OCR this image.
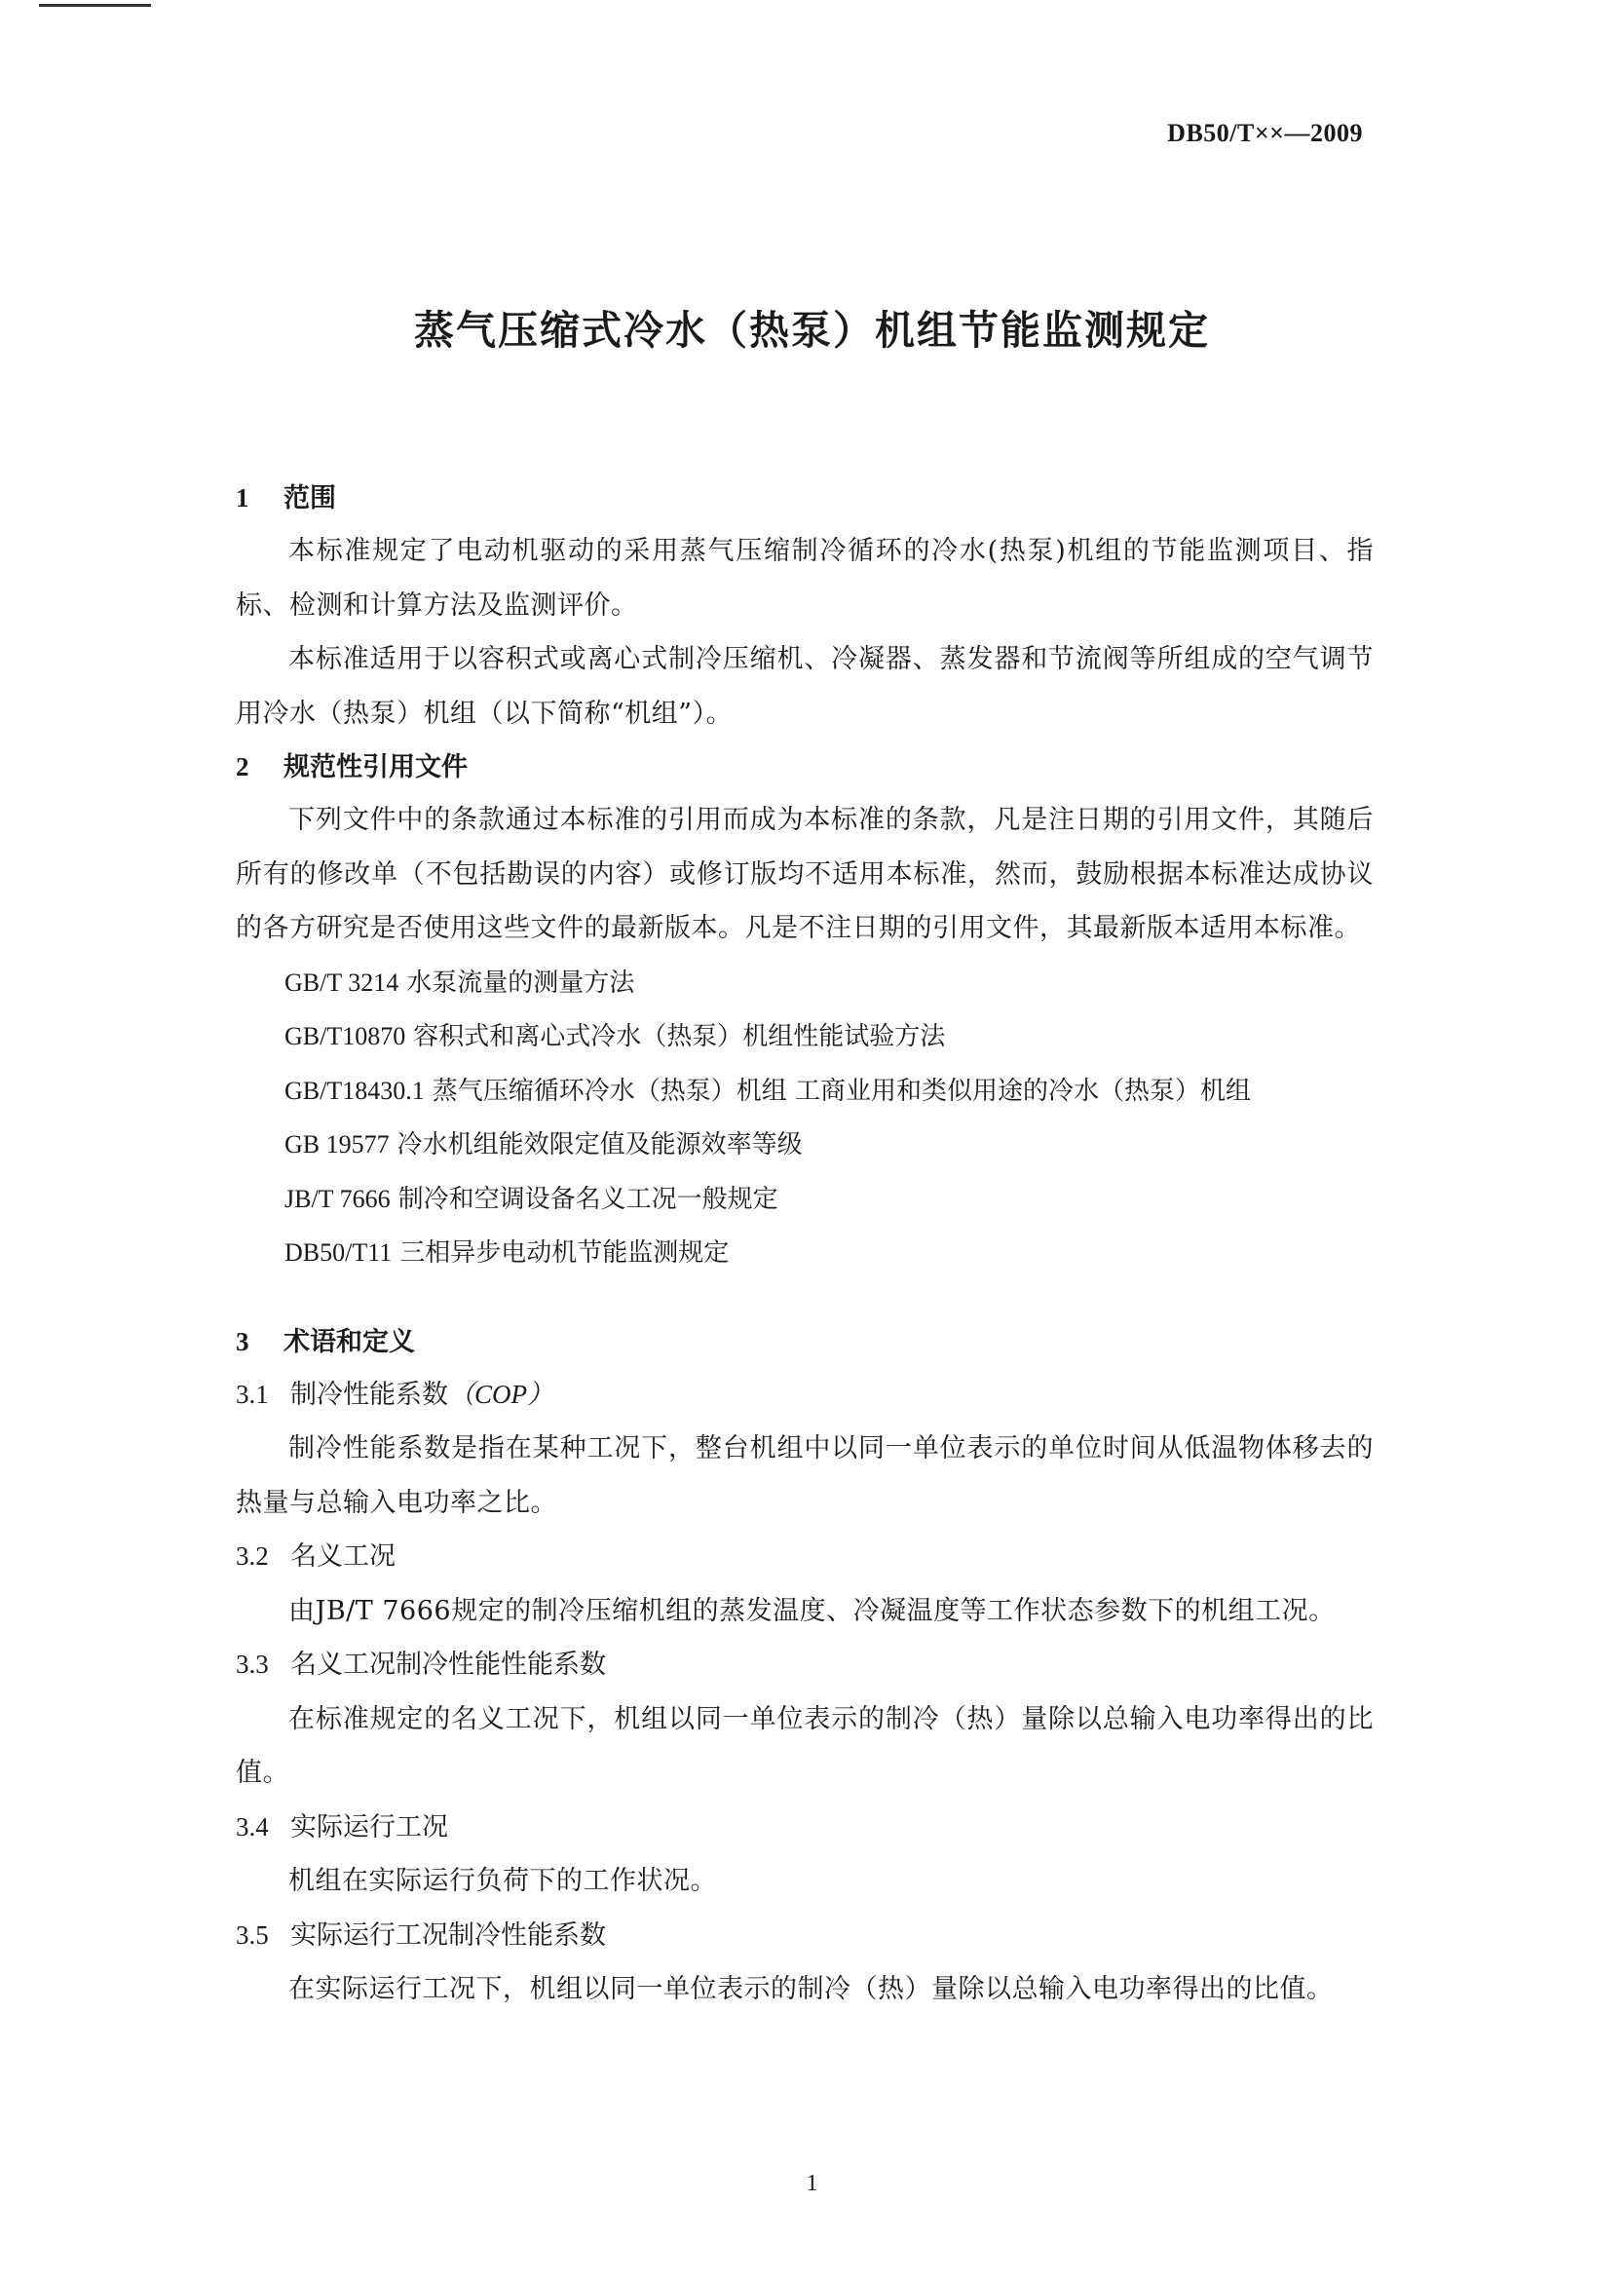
DB50/T××—2009
蒸气压缩式冷水（热泵）机组节能监测规定
1 范围

本标准规定了电动机驱动的采用蒸气压缩制冷循环的冷水(热泵)机组的节能监测项目、指标、检测和计算方法及监测评价。

本标准适用于以容积式或离心式制冷压缩机、冷凝器、蒸发器和节流阀等所组成的空气调节用冷水（热泵）机组（以下简称“机组”）。

2 规范性引用文件

下列文件中的条款通过本标准的引用而成为本标准的条款，凡是注日期的引用文件，其随后所有的修改单（不包括勘误的内容）或修订版均不适用本标准，然而，鼓励根据本标准达成协议的各方研究是否使用这些文件的最新版本。凡是不注日期的引用文件，其最新版本适用本标准。

GB/T 3214 水泵流量的测量方法
GB/T10870 容积式和离心式冷水（热泵）机组性能试验方法
GB/T18430.1 蒸气压缩循环冷水（热泵）机组 工商业用和类似用途的冷水（热泵）机组
GB 19577 冷水机组能效限定值及能源效率等级
JB/T 7666 制冷和空调设备名义工况一般规定
DB50/T11 三相异步电动机节能监测规定
3 术语和定义
3.1 制冷性能系数（COP）

制冷性能系数是指在某种工况下，整台机组中以同一单位表示的单位时间从低温物体移去的热量与总输入电功率之比。

3.2 名义工况

由JB/T 7666规定的制冷压缩机组的蒸发温度、冷凝温度等工作状态参数下的机组工况。

3.3 名义工况制冷性能性能系数

在标准规定的名义工况下，机组以同一单位表示的制冷（热）量除以总输入电功率得出的比值。

3.4 实际运行工况

机组在实际运行负荷下的工作状况。

3.5 实际运行工况制冷性能系数

在实际运行工况下，机组以同一单位表示的制冷（热）量除以总输入电功率得出的比值。

1
